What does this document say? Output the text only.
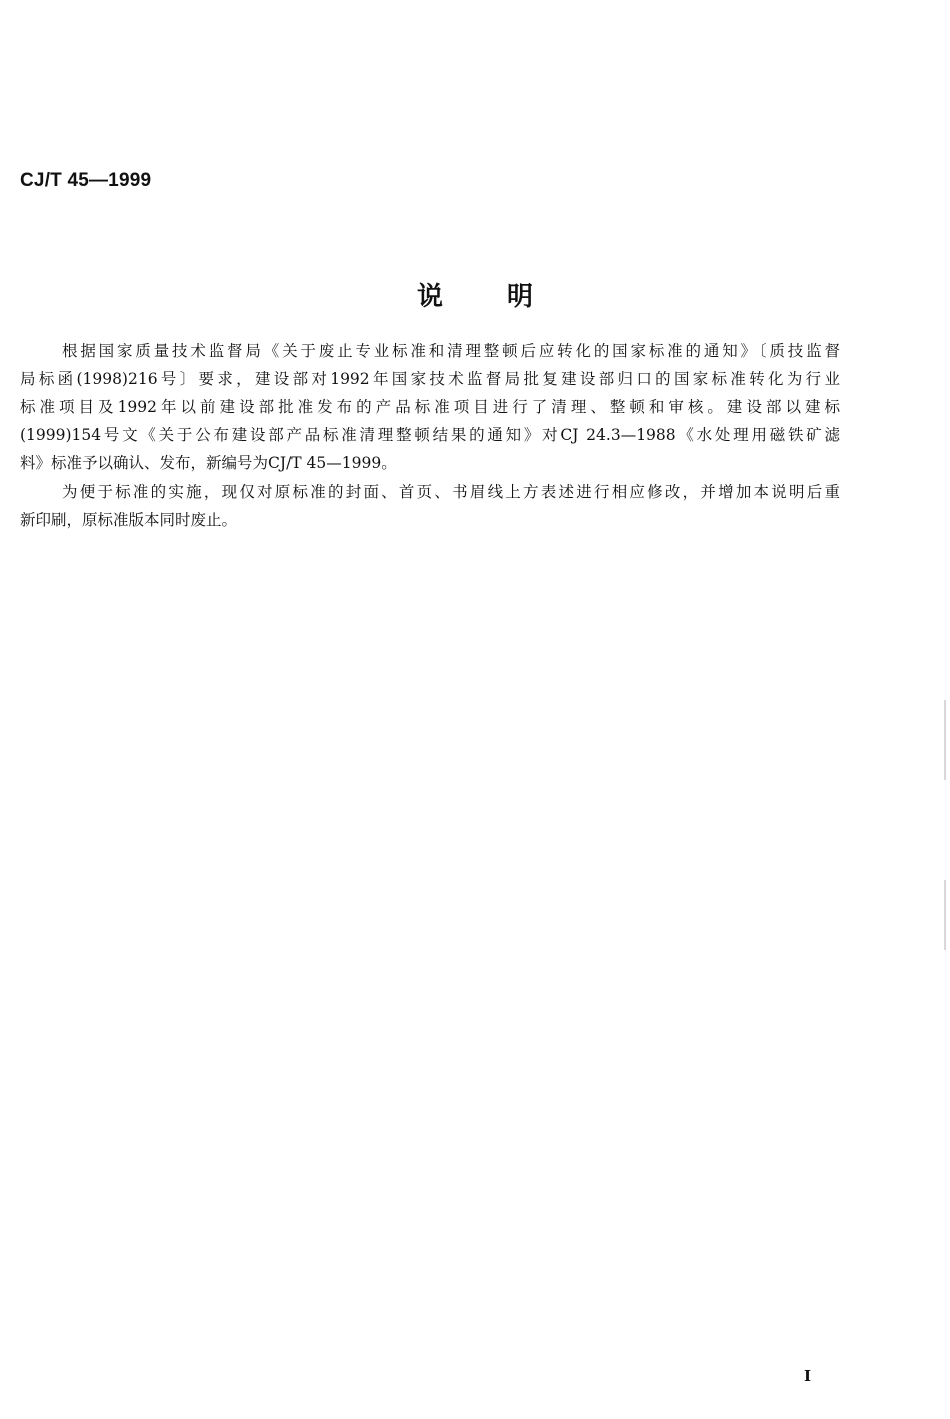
CJ/T 45—1999
说 明
根据国家质量技术监督局《关于废止专业标准和清理整顿后应转化的国家标准的通知》〔质技监督
局标函(1998)216号〕要求，建设部对1992年国家技术监督局批复建设部归口的国家标准转化为行业
标准项目及1992年以前建设部批准发布的产品标准项目进行了清理、整顿和审核。建设部以建标
(1999)154号文《关于公布建设部产品标准清理整顿结果的通知》对CJ 24.3—1988《水处理用磁铁矿滤
料》标准予以确认、发布，新编号为CJ/T 45—1999。
为便于标准的实施，现仅对原标准的封面、首页、书眉线上方表述进行相应修改，并增加本说明后重
新印刷，原标准版本同时废止。
I
